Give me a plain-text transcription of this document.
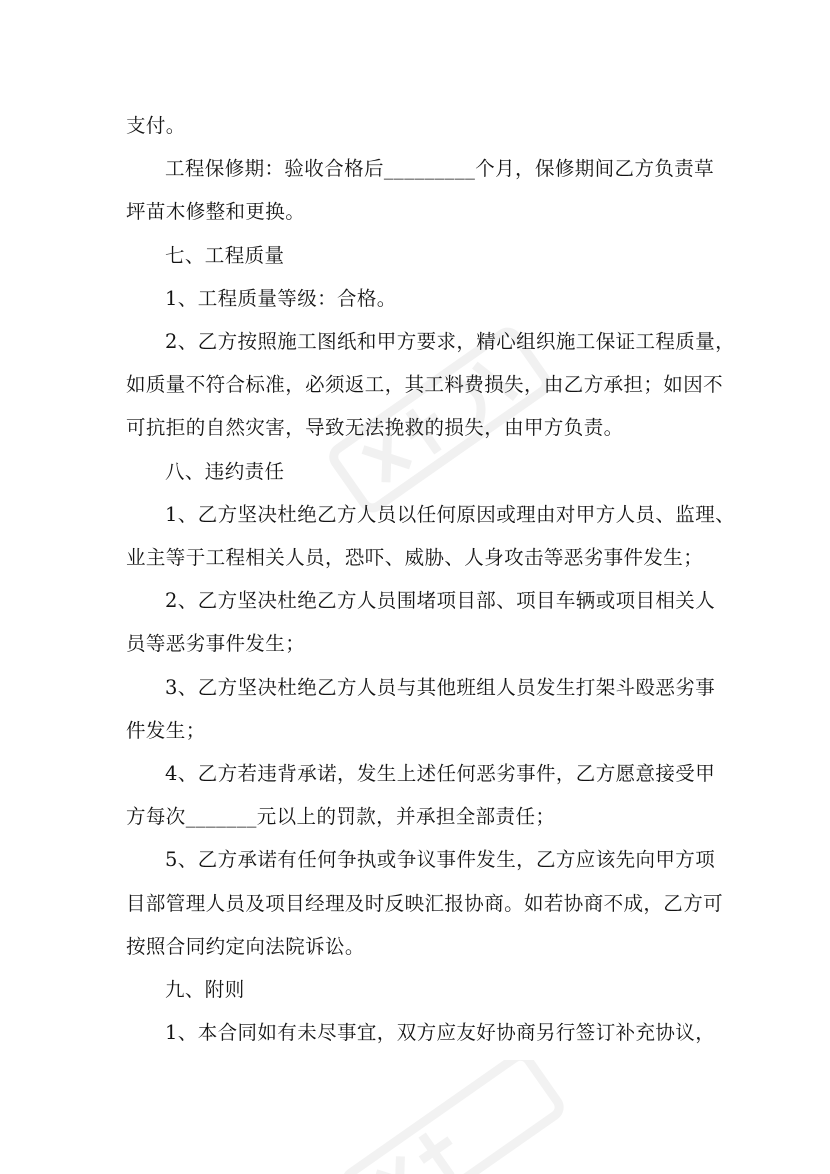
支付。
工程保修期：验收合格后_________个月，保修期间乙方负责草
坪苗木修整和更换。
七、工程质量
1、工程质量等级：合格。
2、乙方按照施工图纸和甲方要求，精心组织施工保证工程质量，
如质量不符合标准，必须返工，其工料费损失，由乙方承担；如因不
可抗拒的自然灾害，导致无法挽救的损失，由甲方负责。
八、违约责任
1、乙方坚决杜绝乙方人员以任何原因或理由对甲方人员、监理、
业主等于工程相关人员，恐吓、威胁、人身攻击等恶劣事件发生；
2、乙方坚决杜绝乙方人员围堵项目部、项目车辆或项目相关人
员等恶劣事件发生；
3、乙方坚决杜绝乙方人员与其他班组人员发生打架斗殴恶劣事
件发生；
4、乙方若违背承诺，发生上述任何恶劣事件，乙方愿意接受甲
方每次_______元以上的罚款，并承担全部责任；
5、乙方承诺有任何争执或争议事件发生，乙方应该先向甲方项
目部管理人员及项目经理及时反映汇报协商。如若协商不成，乙方可
按照合同约定向法院诉讼。
九、附则
1、本合同如有未尽事宜，双方应友好协商另行签订补充协议，
